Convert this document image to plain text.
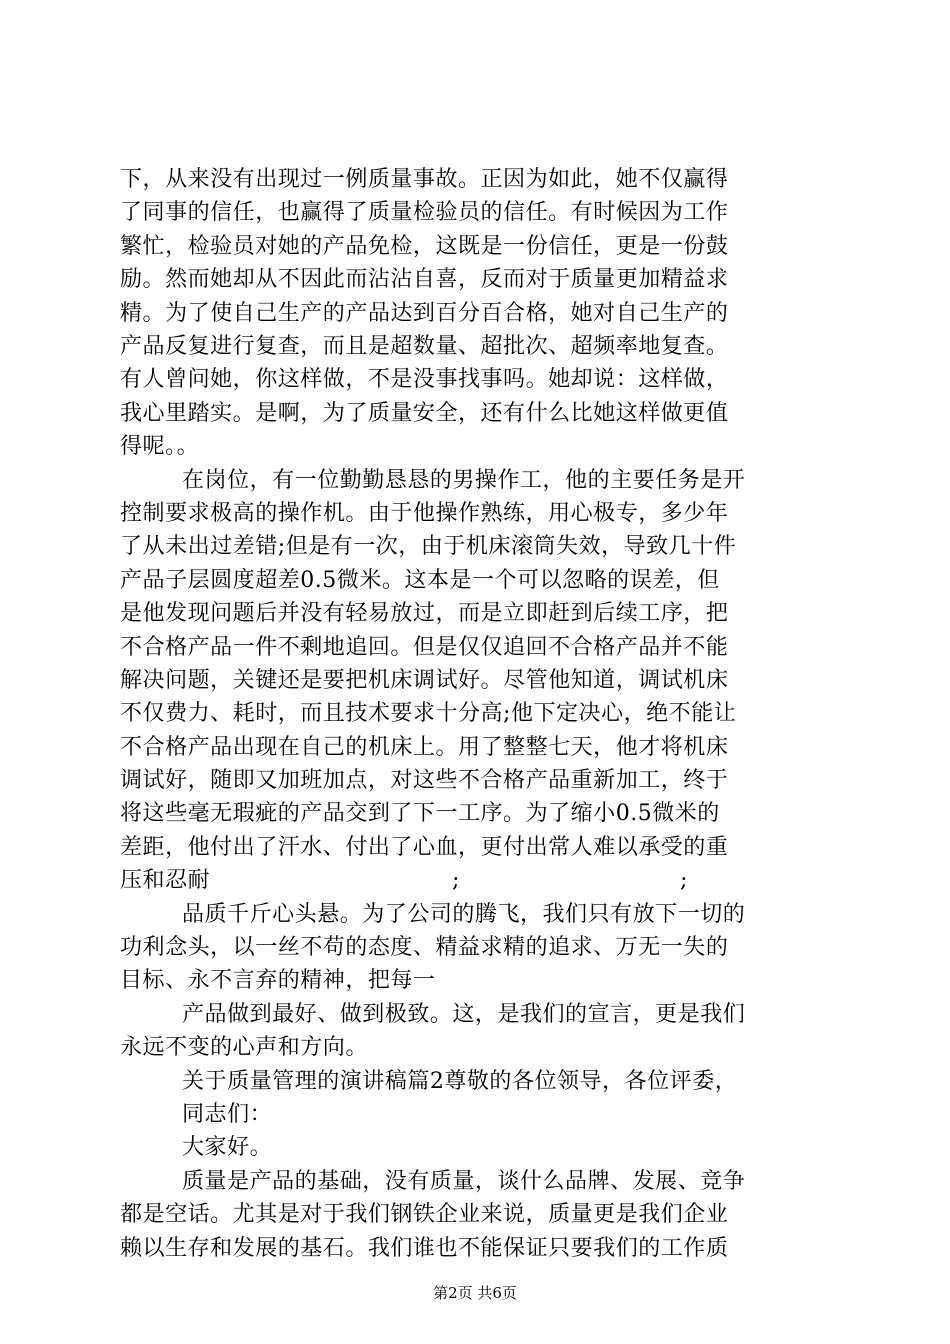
下，从来没有出现过一例质量事故。正因为如此，她不仅赢得
了同事的信任，也赢得了质量检验员的信任。有时候因为工作
繁忙，检验员对她的产品免检，这既是一份信任，更是一份鼓
励。然而她却从不因此而沾沾自喜，反而对于质量更加精益求
精。为了使自己生产的产品达到百分百合格，她对自己生产的
产品反复进行复查，而且是超数量、超批次、超频率地复查。
有人曾问她，你这样做，不是没事找事吗。她却说：这样做，
我心里踏实。是啊，为了质量安全，还有什么比她这样做更值
得呢。。
在岗位，有一位勤勤恳恳的男操作工，他的主要任务是开
控制要求极高的操作机。由于他操作熟练，用心极专，多少年
了从未出过差错;但是有一次，由于机床滚筒失效，导致几十件
产品子层圆度超差0.5微米。这本是一个可以忽略的误差，但
是他发现问题后并没有轻易放过，而是立即赶到后续工序，把
不合格产品一件不剩地追回。但是仅仅追回不合格产品并不能
解决问题，关键还是要把机床调试好。尽管他知道，调试机床
不仅费力、耗时，而且技术要求十分高;他下定决心，绝不能让
不合格产品出现在自己的机床上。用了整整七天，他才将机床
调试好，随即又加班加点，对这些不合格产品重新加工，终于
将这些毫无瑕疵的产品交到了下一工序。为了缩小0.5微米的
差距，他付出了汗水、付出了心血，更付出常人难以承受的重
压和忍耐	;	;
品质千斤心头悬。为了公司的腾飞，我们只有放下一切的
功利念头，以一丝不苟的态度、精益求精的追求、万无一失的
目标、永不言弃的精神，把每一
产品做到最好、做到极致。这，是我们的宣言，更是我们
永远不变的心声和方向。
关于质量管理的演讲稿篇2尊敬的各位领导，各位评委，
同志们：
大家好。
质量是产品的基础，没有质量，谈什么品牌、发展、竞争
都是空话。尤其是对于我们钢铁企业来说，质量更是我们企业
赖以生存和发展的基石。我们谁也不能保证只要我们的工作质
第2页 共6页
